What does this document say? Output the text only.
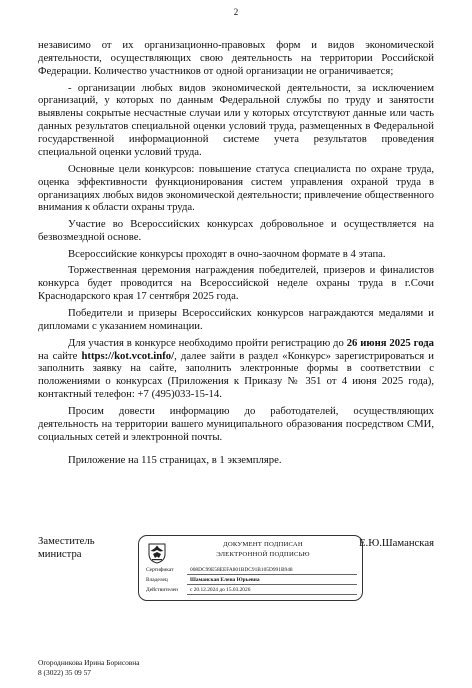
2

независимо от их организационно-правовых форм и видов экономической деятельности, осуществляющих свою деятельность на территории Российской Федерации. Количество участников от одной организации не ограничивается;

- организации любых видов экономической деятельности, за исключением организаций, у которых по данным Федеральной службы по труду и занятости выявлены сокрытые несчастные случаи или у которых отсутствуют данные или часть данных результатов специальной оценки условий труда, размещенных в Федеральной государственной информационной системе учета результатов проведения специальной оценки условий труда.

Основные цели конкурсов: повышение статуса специалиста по охране труда, оценка эффективности функционирования систем управления охраной труда в организациях любых видов экономической деятельности; привлечение общественного внимания к области охраны труда.

Участие во Всероссийских конкурсах добровольное и осуществляется на безвозмездной основе.

Всероссийские конкурсы проходят в очно-заочном формате в 4 этапа.

Торжественная церемония награждения победителей, призеров и финалистов конкурса будет проводится на Всероссийской неделе охраны труда в г.Сочи Краснодарского края 17 сентября 2025 года.

Победители и призеры Всероссийских конкурсов награждаются медалями и дипломами с указанием номинации.

Для участия в конкурсе необходимо пройти регистрацию до 26 июня 2025 года на сайте https://kot.vcot.info/, далее зайти в раздел «Конкурс» зарегистрироваться и заполнить заявку на сайте, заполнить электронные формы в соответствии с положениями о конкурсах (Приложения к Приказу № 351 от 4 июня 2025 года), контактный телефон: +7 (495)033-15-14.

Просим довести информацию до работодателей, осуществляющих деятельность на территории вашего муниципального образования посредством СМИ, социальных сетей и электронной почты.

Приложение на 115 страницах, в 1 экземпляре.

Заместитель министра
ДОКУМЕНТ ПОДПИСАН
ЭЛЕКТРОННОЙ ПОДПИСЬЮ
Сертификат	008DC99E58EEFA801BDC91B105D991B948
Владелец	Шаманская Елена Юрьевна
Действителен с 20.12.2024 до 15.03.2026
Е.Ю.Шаманская
Огородникова Ирина Борисовна
8 (3022) 35 09 57
